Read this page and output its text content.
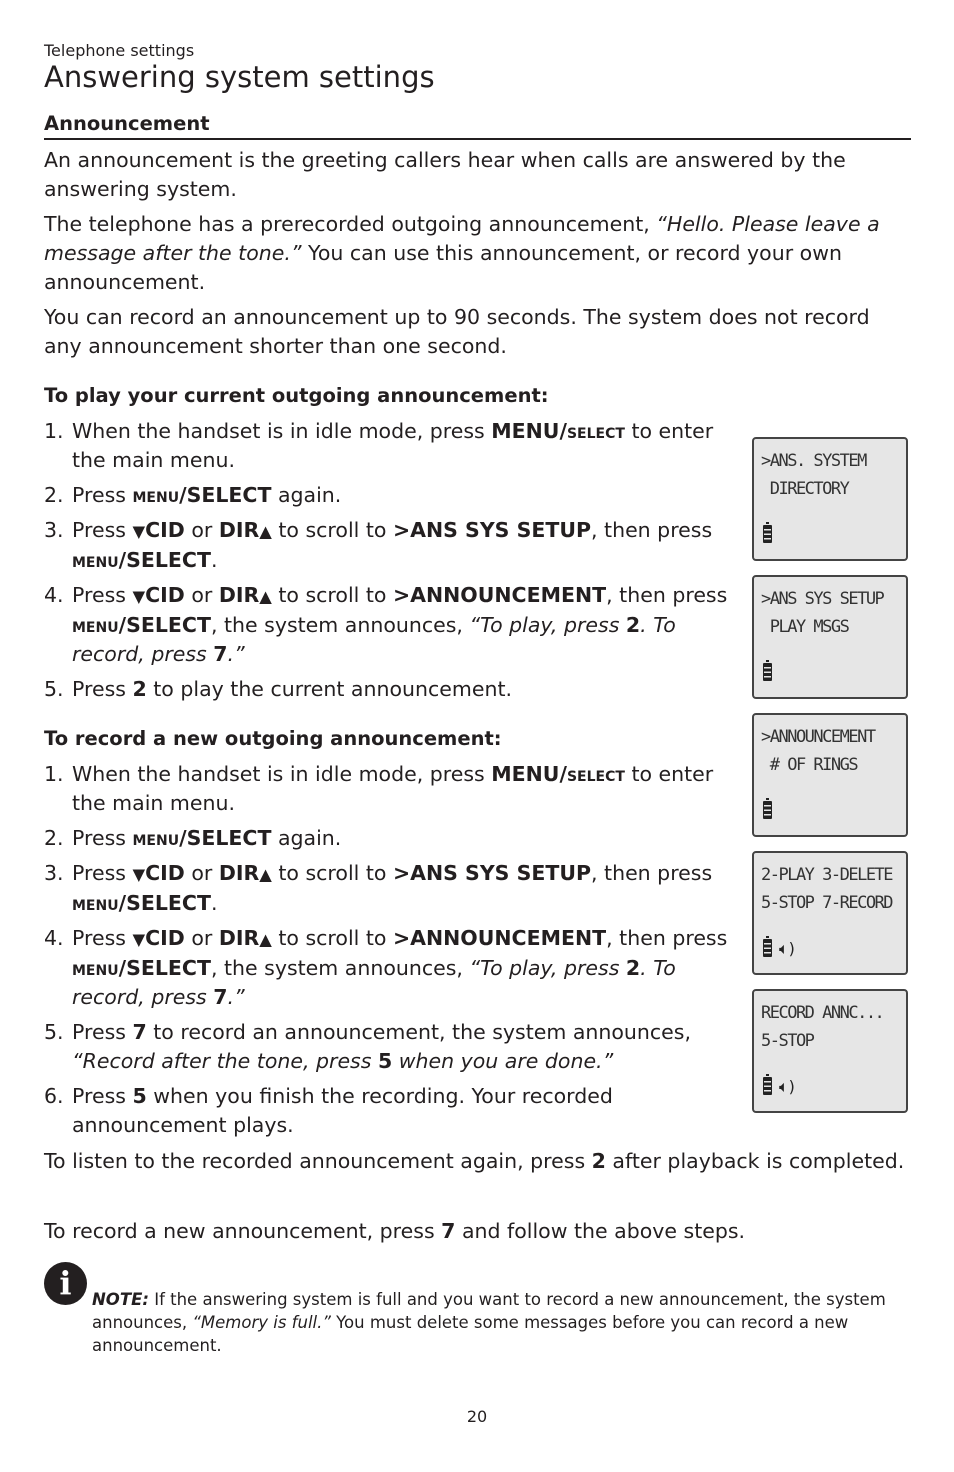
Telephone settings
Answering system settings
Announcement

An announcement is the greeting callers hear when calls are answered by the answering system.

The telephone has a prerecorded outgoing announcement, “Hello. Please leave a message after the tone.” You can use this announcement, or record your own announcement.

You can record an announcement up to 90 seconds. The system does not record any announcement shorter than one second.

To play your current outgoing announcement:
1. When the handset is in idle mode, press MENU/select to enter the main menu.
2. Press menu/SELECT again.
3. Press ▼CID or DIR▲ to scroll to >ANS SYS SETUP, then press menu/SELECT.
4. Press ▼CID or DIR▲ to scroll to >ANNOUNCEMENT, then press menu/SELECT, the system announces, “To play, press 2. To record, press 7.”
5. Press 2 to play the current announcement.
To record a new outgoing announcement:
1. When the handset is in idle mode, press MENU/select to enter the main menu.
2. Press menu/SELECT again.
3. Press ▼CID or DIR▲ to scroll to >ANS SYS SETUP, then press menu/SELECT.
4. Press ▼CID or DIR▲ to scroll to >ANNOUNCEMENT, then press menu/SELECT, the system announces, “To play, press 2. To record, press 7.”
5. Press 7 to record an announcement, the system announces, “Record after the tone, press 5 when you are done.”
6. Press 5 when you finish the recording. Your recorded announcement plays.

To listen to the recorded announcement again, press 2 after playback is completed.

To record a new announcement, press 7 and follow the above steps.

>ANS. SYSTEM
DIRECTORY
>ANS SYS SETUP
PLAY MSGS
>ANNOUNCEMENT
# OF RINGS
2-PLAY 3-DELETE
5-STOP 7-RECORD
🔈︎)
RECORD ANNC...
5-STOP
🔈︎)
i	NOTE: If the answering system is full and you want to record a new announcement, the system announces, “Memory is full.” You must delete some messages before you can record a new announcement.

20
